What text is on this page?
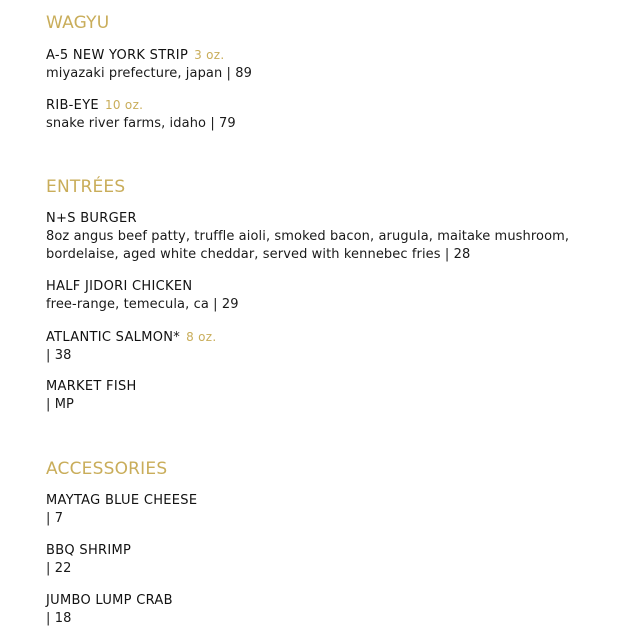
WAGYU
A-5 NEW YORK STRIP 3 oz.
miyazaki prefecture, japan | 89
RIB-EYE 10 oz.
snake river farms, idaho | 79
ENTRÉES
N+S BURGER
8oz angus beef patty, truffle aioli, smoked bacon, arugula, maitake mushroom, bordelaise, aged white cheddar, served with kennebec fries | 28
HALF JIDORI CHICKEN
free-range, temecula, ca | 29
ATLANTIC SALMON* 8 oz.
| 38
MARKET FISH
| MP
ACCESSORIES
MAYTAG BLUE CHEESE
| 7
BBQ SHRIMP
| 22
JUMBO LUMP CRAB
| 18
